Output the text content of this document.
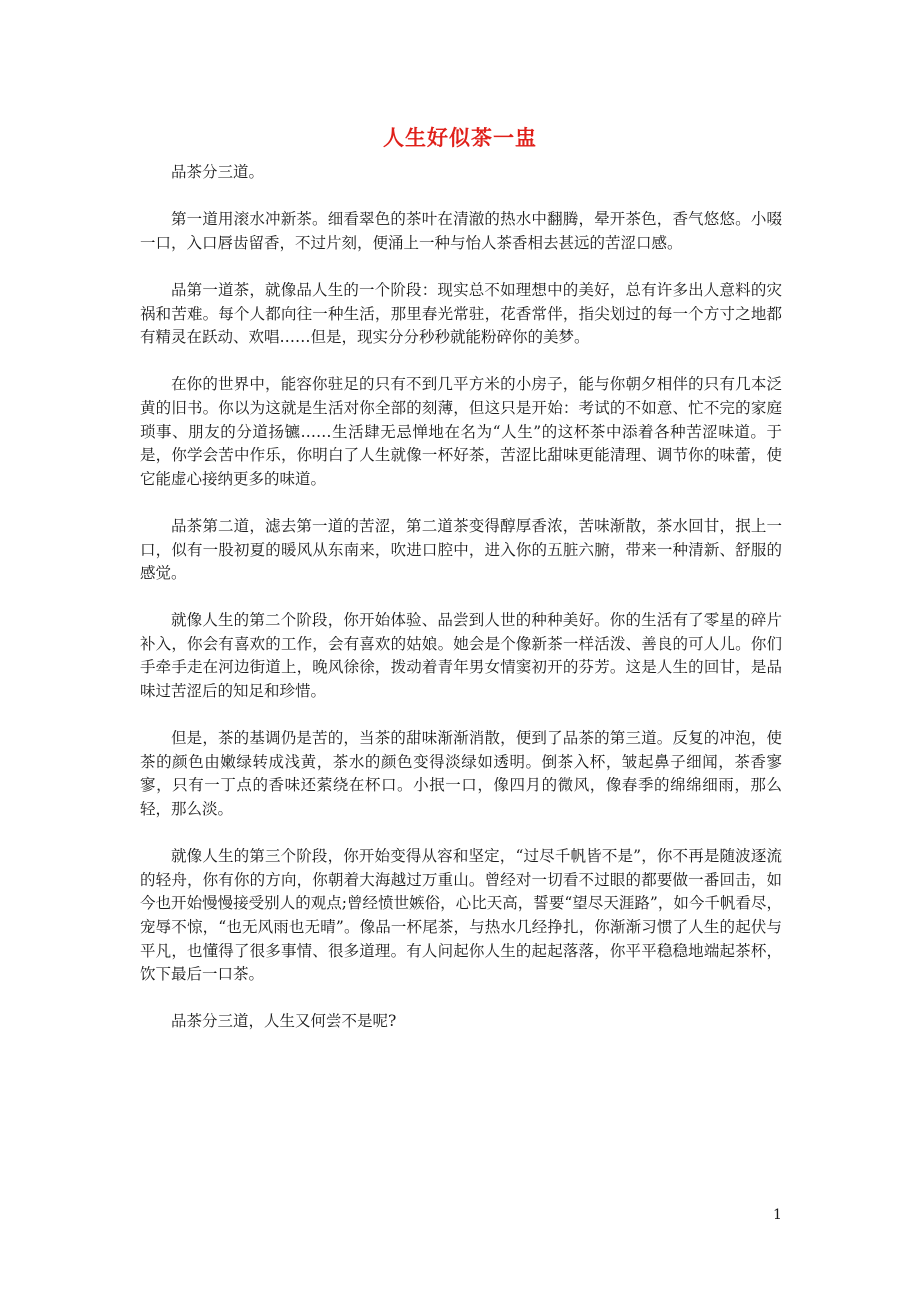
人生好似茶一盅

品茶分三道。

第一道用滚水冲新茶。细看翠色的茶叶在清澈的热水中翻腾，晕开茶色，香气悠悠。小啜一口，入口唇齿留香，不过片刻，便涌上一种与怡人茶香相去甚远的苦涩口感。

品第一道茶，就像品人生的一个阶段：现实总不如理想中的美好，总有许多出人意料的灾祸和苦难。每个人都向往一种生活，那里春光常驻，花香常伴，指尖划过的每一个方寸之地都有精灵在跃动、欢唱……但是，现实分分秒秒就能粉碎你的美梦。

在你的世界中，能容你驻足的只有不到几平方米的小房子，能与你朝夕相伴的只有几本泛黄的旧书。你以为这就是生活对你全部的刻薄，但这只是开始：考试的不如意、忙不完的家庭琐事、朋友的分道扬镳……生活肆无忌惮地在名为“人生”的这杯茶中添着各种苦涩味道。于是，你学会苦中作乐，你明白了人生就像一杯好茶，苦涩比甜味更能清理、调节你的味蕾，使它能虚心接纳更多的味道。

品茶第二道，滤去第一道的苦涩，第二道茶变得醇厚香浓，苦味渐散，茶水回甘，抿上一口，似有一股初夏的暖风从东南来，吹进口腔中，进入你的五脏六腑，带来一种清新、舒服的感觉。

就像人生的第二个阶段，你开始体验、品尝到人世的种种美好。你的生活有了零星的碎片补入，你会有喜欢的工作，会有喜欢的姑娘。她会是个像新茶一样活泼、善良的可人儿。你们手牵手走在河边街道上，晚风徐徐，拨动着青年男女情窦初开的芬芳。这是人生的回甘，是品味过苦涩后的知足和珍惜。

但是，茶的基调仍是苦的，当茶的甜味渐渐消散，便到了品茶的第三道。反复的冲泡，使茶的颜色由嫩绿转成浅黄，茶水的颜色变得淡绿如透明。倒茶入杯，皱起鼻子细闻，茶香寥寥，只有一丁点的香味还萦绕在杯口。小抿一口，像四月的微风，像春季的绵绵细雨，那么轻，那么淡。

就像人生的第三个阶段，你开始变得从容和坚定，“过尽千帆皆不是”，你不再是随波逐流的轻舟，你有你的方向，你朝着大海越过万重山。曾经对一切看不过眼的都要做一番回击，如今也开始慢慢接受别人的观点;曾经愤世嫉俗，心比天高，誓要“望尽天涯路”，如今千帆看尽，宠辱不惊，“也无风雨也无晴”。像品一杯尾茶，与热水几经挣扎，你渐渐习惯了人生的起伏与平凡，也懂得了很多事情、很多道理。有人问起你人生的起起落落，你平平稳稳地端起茶杯，饮下最后一口茶。

品茶分三道，人生又何尝不是呢?

1
